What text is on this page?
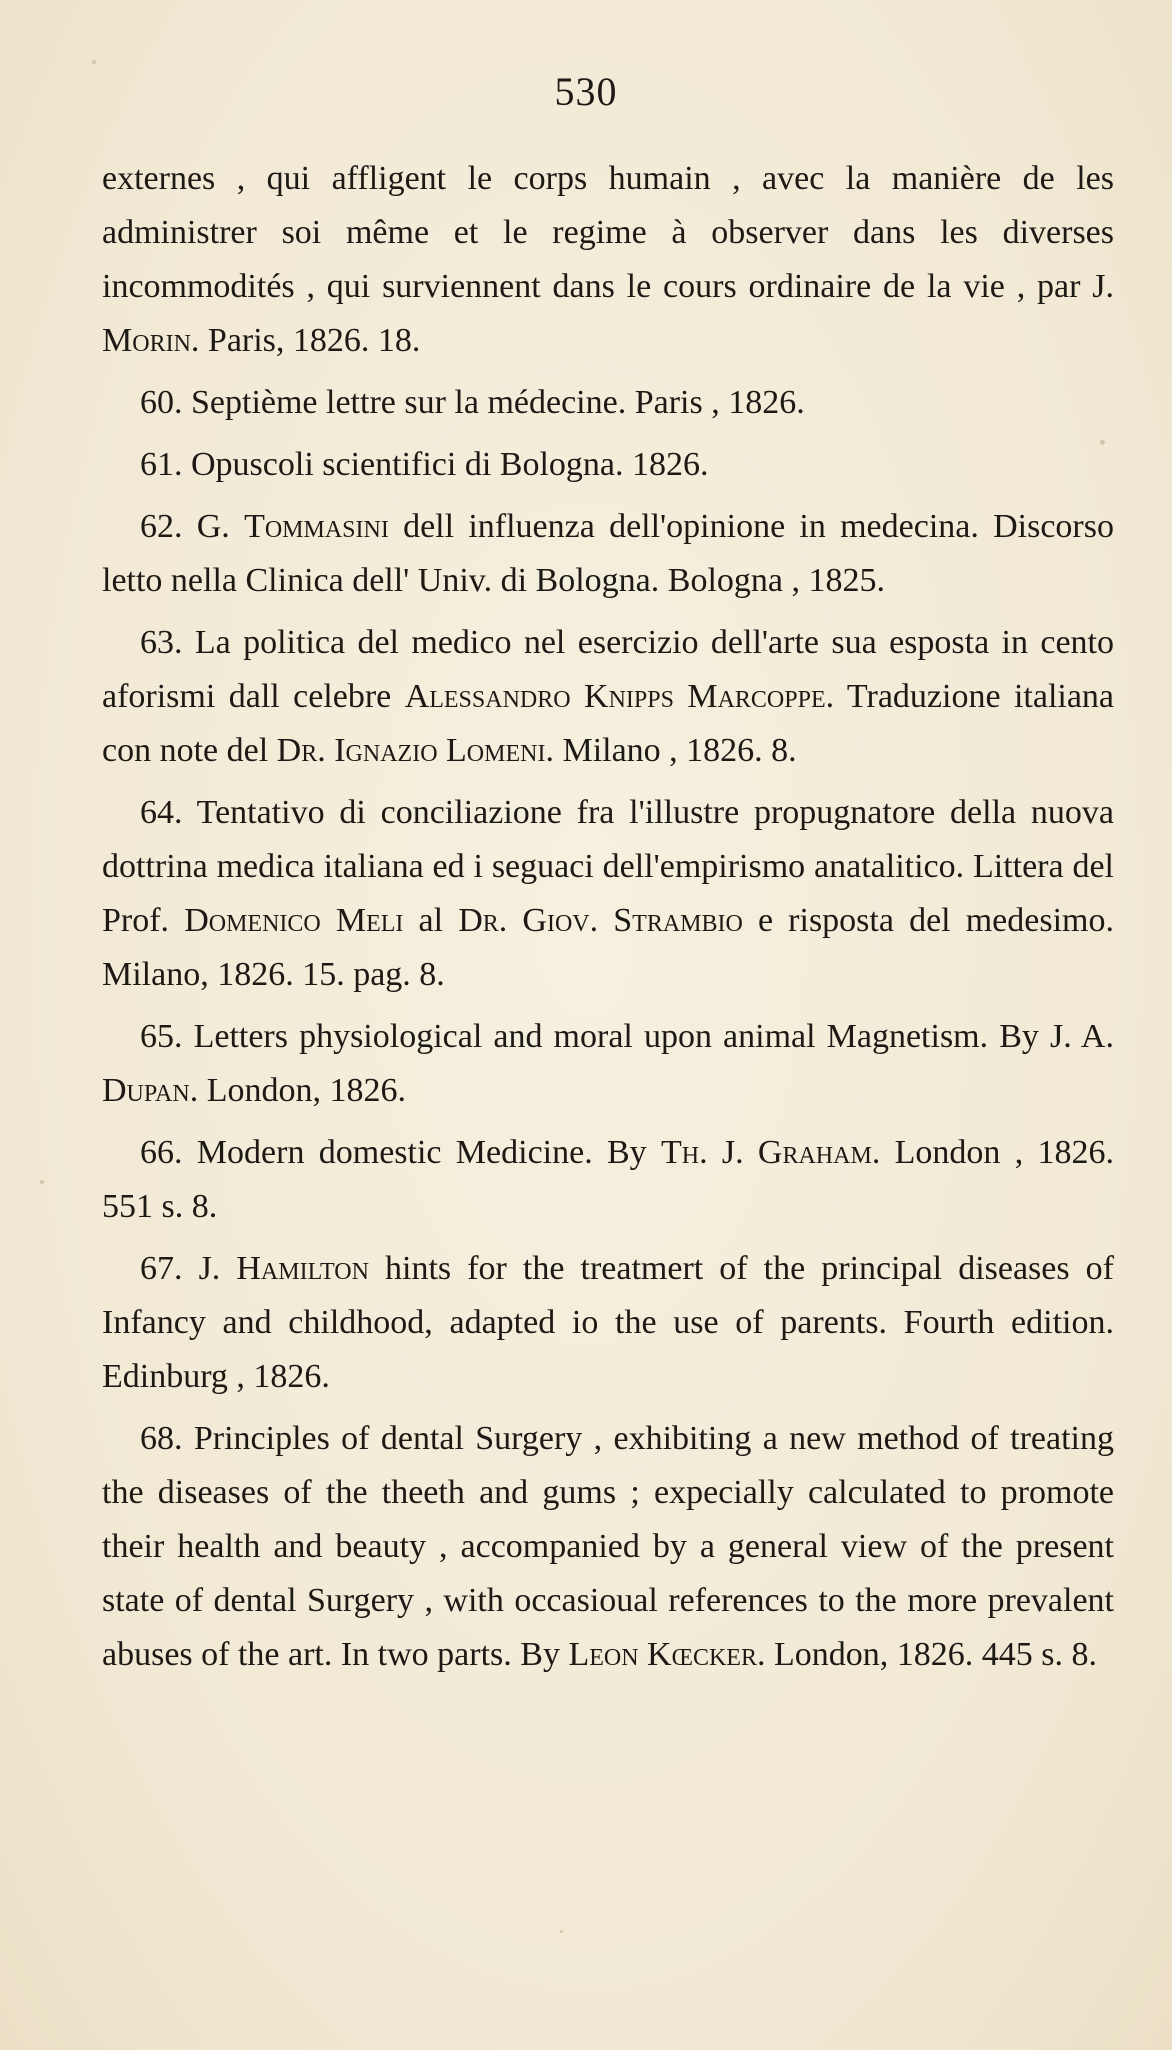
530

externes , qui affligent le corps humain , avec la manière de les administrer soi même et le regime à observer dans les diverses incommodités , qui surviennent dans le cours ordinaire de la vie , par J. Morin. Paris, 1826. 18.

60. Septième lettre sur la médecine. Paris , 1826.

61. Opuscoli scientifici di Bologna. 1826.

62. G. Tommasini dell influenza dell'opinione in medecina. Discorso letto nella Clinica dell' Univ. di Bologna. Bologna , 1825.

63. La politica del medico nel esercizio dell'arte sua esposta in cento aforismi dall celebre Alessandro Knipps Marcoppe. Traduzione italiana con note del Dr. Ignazio Lomeni. Milano , 1826. 8.

64. Tentativo di conciliazione fra l'illustre propugnatore della nuova dottrina medica italiana ed i seguaci dell'empirismo anatalitico. Littera del Prof. Domenico Meli al Dr. Giov. Strambio e risposta del medesimo. Milano, 1826. 15. pag. 8.

65. Letters physiological and moral upon animal Magnetism. By J. A. Dupan. London, 1826.

66. Modern domestic Medicine. By Th. J. Graham. London , 1826. 551 s. 8.

67. J. Hamilton hints for the treatmert of the principal diseases of Infancy and childhood, adapted io the use of parents. Fourth edition. Edinburg , 1826.

68. Principles of dental Surgery , exhibiting a new method of treating the diseases of the theeth and gums ; expecially calculated to promote their health and beauty , accompanied by a general view of the present state of dental Surgery , with occasioual references to the more prevalent abuses of the art. In two parts. By Leon Kœcker. London, 1826. 445 s. 8.
